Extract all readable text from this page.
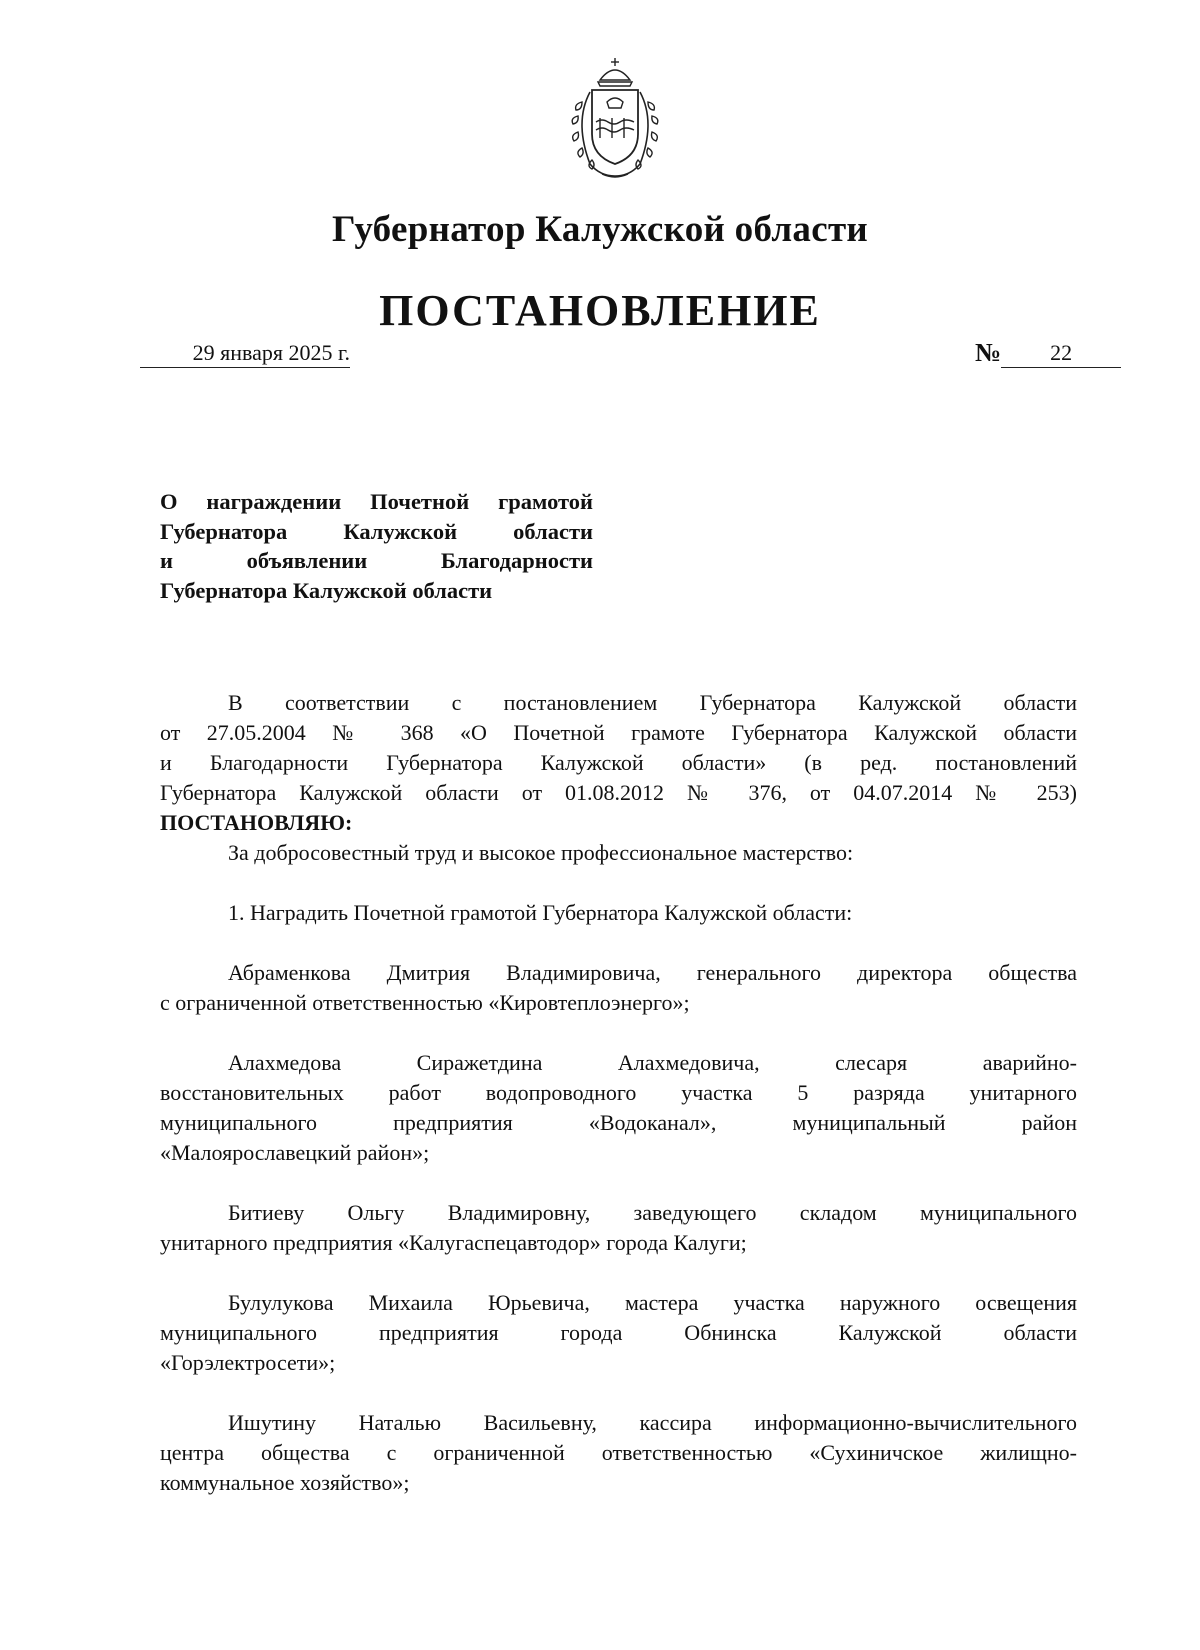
Губернатор Калужской области
ПОСТАНОВЛЕНИЕ
29 января 2025 г.	№ 22
О награждении Почетной грамотой
Губернатора Калужской области
и объявлении Благодарности
Губернатора Калужской области

В соответствии с постановлением Губернатора Калужской области

от 27.05.2004 № 368 «О Почетной грамоте Губернатора Калужской области

и Благодарности Губернатора Калужской области» (в ред. постановлений

Губернатора Калужской области от 01.08.2012 № 376, от 04.07.2014 № 253)

ПОСТАНОВЛЯЮ:

За добросовестный труд и высокое профессиональное мастерство:

1. Наградить Почетной грамотой Губернатора Калужской области:

Абраменкова Дмитрия Владимировича, генерального директора общества

с ограниченной ответственностью «Кировтеплоэнерго»;

Алахмедова Сиражетдина Алахмедовича, слесаря аварийно-

восстановительных работ водопроводного участка 5 разряда унитарного

муниципального предприятия «Водоканал», муниципальный район

«Малоярославецкий район»;

Битиеву Ольгу Владимировну, заведующего складом муниципального

унитарного предприятия «Калугаспецавтодор» города Калуги;

Булулукова Михаила Юрьевича, мастера участка наружного освещения

муниципального предприятия города Обнинска Калужской области

«Горэлектросети»;

Ишутину Наталью Васильевну, кассира информационно-вычислительного

центра общества с ограниченной ответственностью «Сухиничское жилищно-

коммунальное хозяйство»;
